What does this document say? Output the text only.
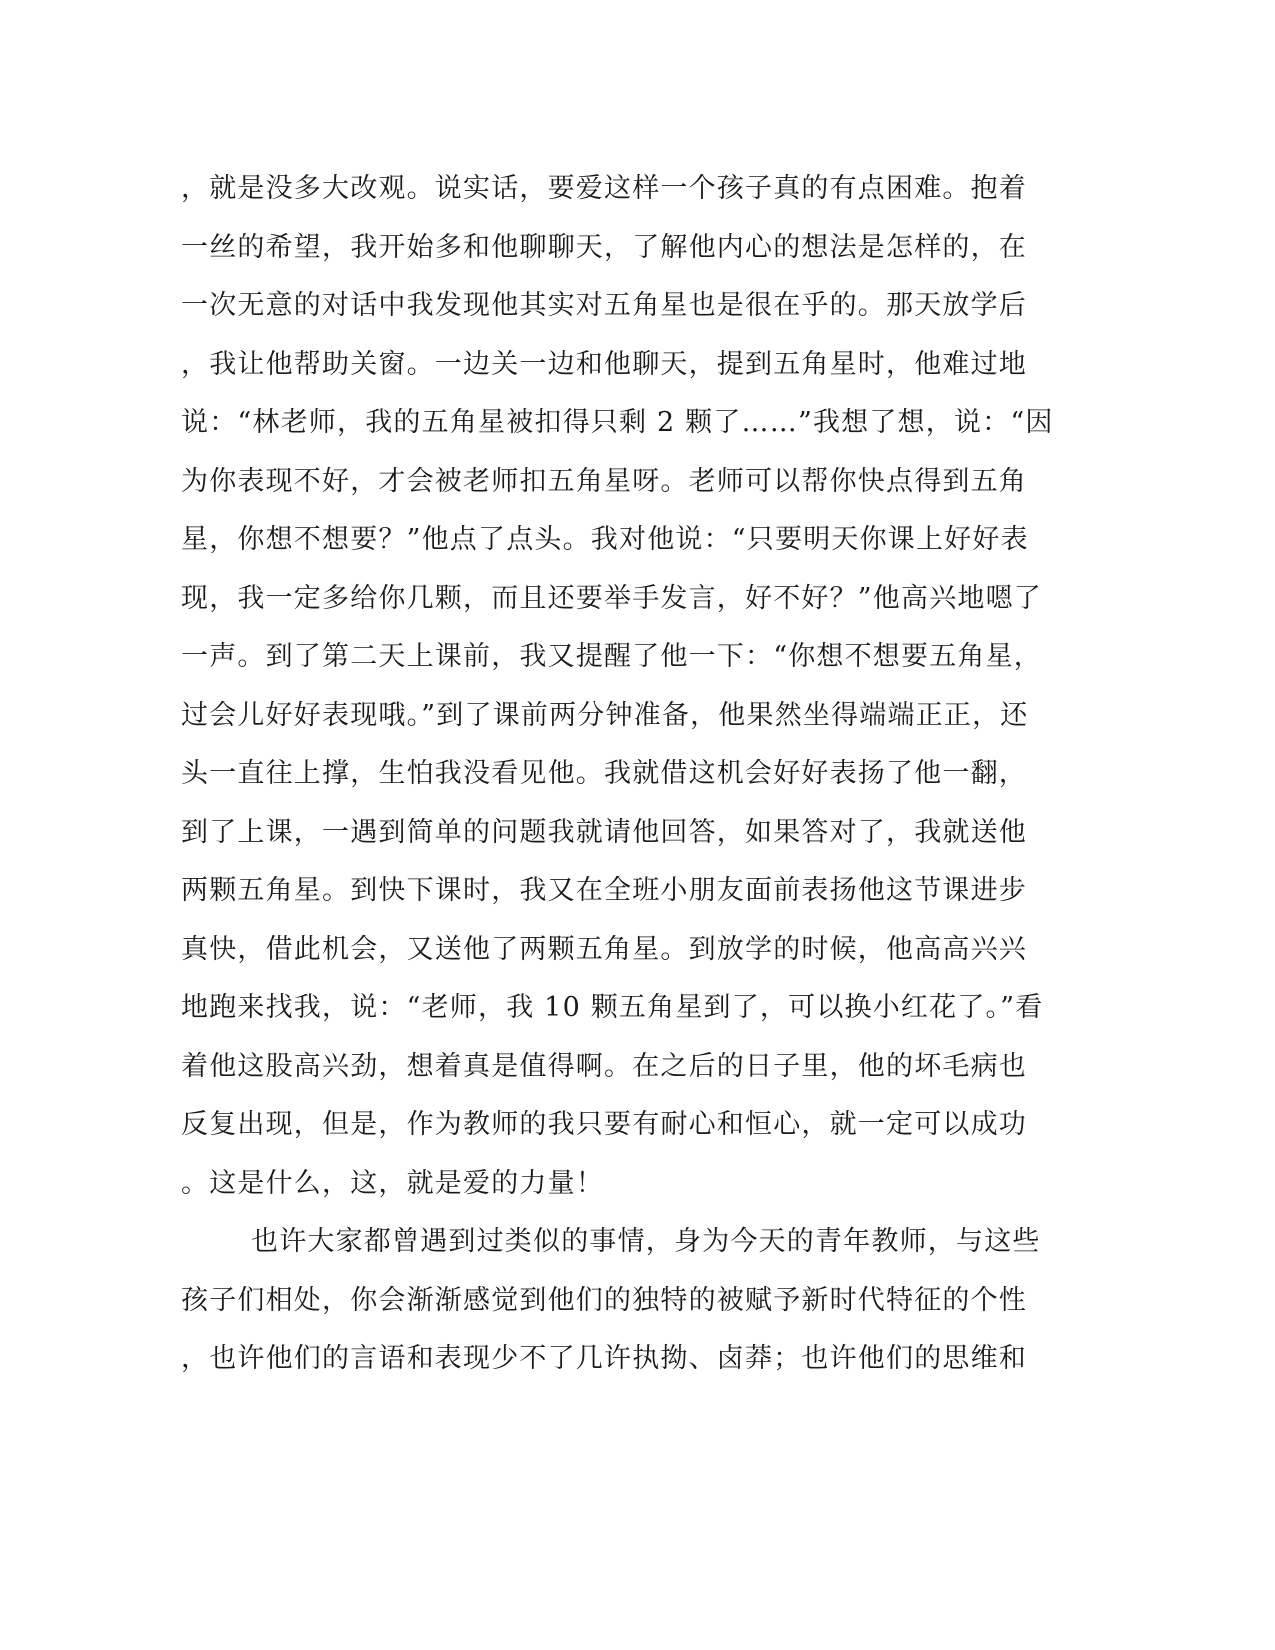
，就是没多大改观。说实话，要爱这样一个孩子真的有点困难。抱着
一丝的希望，我开始多和他聊聊天，了解他内心的想法是怎样的，在
一次无意的对话中我发现他其实对五角星也是很在乎的。那天放学后
，我让他帮助关窗。一边关一边和他聊天，提到五角星时，他难过地
说：“林老师，我的五角星被扣得只剩 2 颗了……”我想了想，说：“因
为你表现不好，才会被老师扣五角星呀。老师可以帮你快点得到五角
星，你想不想要？”他点了点头。我对他说：“只要明天你课上好好表
现，我一定多给你几颗，而且还要举手发言，好不好？”他高兴地嗯了
一声。到了第二天上课前，我又提醒了他一下：“你想不想要五角星，
过会儿好好表现哦。”到了课前两分钟准备，他果然坐得端端正正，还
头一直往上撑，生怕我没看见他。我就借这机会好好表扬了他一翻，
到了上课，一遇到简单的问题我就请他回答，如果答对了，我就送他
两颗五角星。到快下课时，我又在全班小朋友面前表扬他这节课进步
真快，借此机会，又送他了两颗五角星。到放学的时候，他高高兴兴
地跑来找我，说：“老师，我 10 颗五角星到了，可以换小红花了。”看
着他这股高兴劲，想着真是值得啊。在之后的日子里，他的坏毛病也
反复出现，但是，作为教师的我只要有耐心和恒心，就一定可以成功
。这是什么，这，就是爱的力量！
也许大家都曾遇到过类似的事情，身为今天的青年教师，与这些
孩子们相处，你会渐渐感觉到他们的独特的被赋予新时代特征的个性
，也许他们的言语和表现少不了几许执拗、卤莽；也许他们的思维和
